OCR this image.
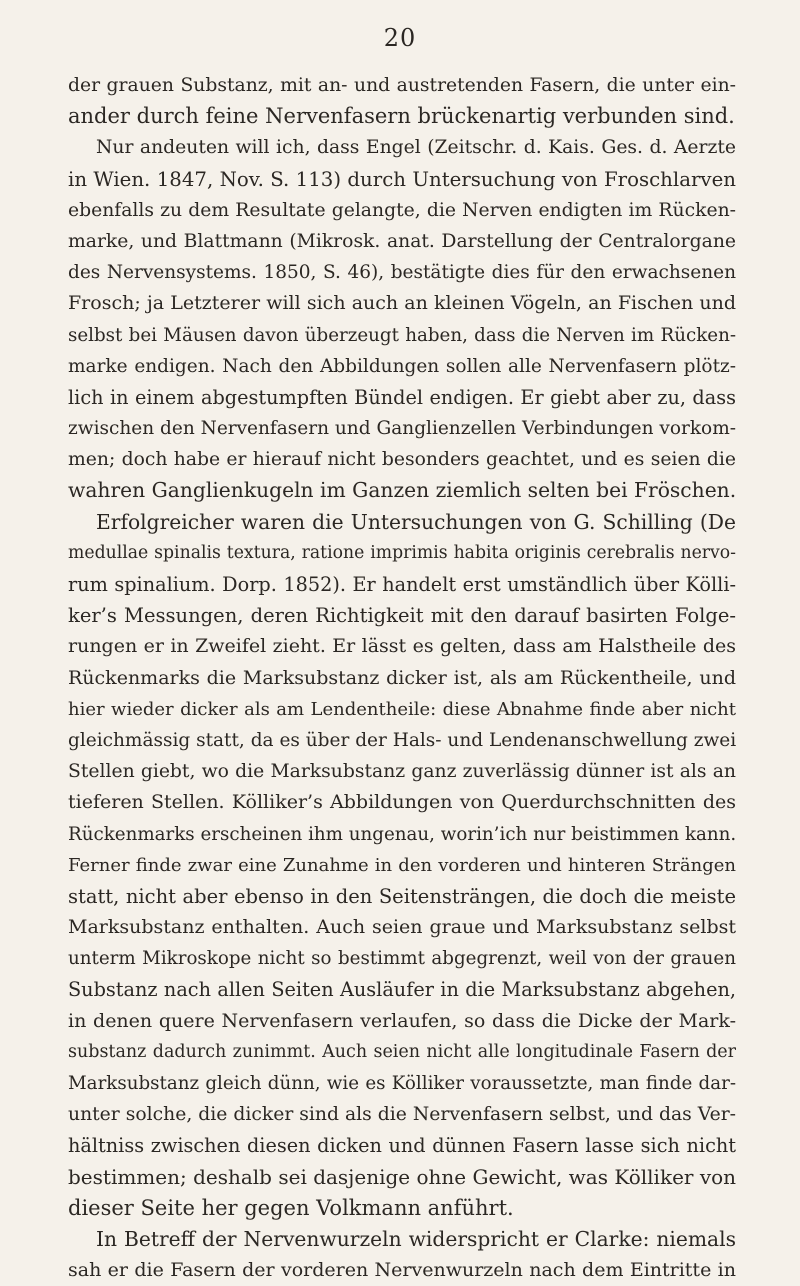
20
der grauen Substanz, mit an- und austretenden Fasern, die unter ein-
ander durch feine Nervenfasern brückenartig verbunden sind.
Nur andeuten will ich, dass Engel (Zeitschr. d. Kais. Ges. d. Aerzte
in Wien. 1847, Nov. S. 113) durch Untersuchung von Froschlarven
ebenfalls zu dem Resultate gelangte, die Nerven endigten im Rücken-
marke, und Blattmann (Mikrosk. anat. Darstellung der Centralorgane
des Nervensystems. 1850, S. 46), bestätigte dies für den erwachsenen
Frosch; ja Letzterer will sich auch an kleinen Vögeln, an Fischen und
selbst bei Mäusen davon überzeugt haben, dass die Nerven im Rücken-
marke endigen. Nach den Abbildungen sollen alle Nervenfasern plötz-
lich in einem abgestumpften Bündel endigen. Er giebt aber zu, dass
zwischen den Nervenfasern und Ganglienzellen Verbindungen vorkom-
men; doch habe er hierauf nicht besonders geachtet, und es seien die
wahren Ganglienkugeln im Ganzen ziemlich selten bei Fröschen.
Erfolgreicher waren die Untersuchungen von G. Schilling (De
medullae spinalis textura, ratione imprimis habita originis cerebralis nervo-
rum spinalium. Dorp. 1852). Er handelt erst umständlich über Kölli-
ker’s Messungen, deren Richtigkeit mit den darauf basirten Folge-
rungen er in Zweifel zieht. Er lässt es gelten, dass am Halstheile des
Rückenmarks die Marksubstanz dicker ist, als am Rückentheile, und
hier wieder dicker als am Lendentheile: diese Abnahme finde aber nicht
gleichmässig statt, da es über der Hals- und Lendenanschwellung zwei
Stellen giebt, wo die Marksubstanz ganz zuverlässig dünner ist als an
tieferen Stellen. Kölliker’s Abbildungen von Querdurchschnitten des
Rückenmarks erscheinen ihm ungenau, worin’ich nur beistimmen kann.
Ferner finde zwar eine Zunahme in den vorderen und hinteren Strängen
statt, nicht aber ebenso in den Seitensträngen, die doch die meiste
Marksubstanz enthalten. Auch seien graue und Marksubstanz selbst
unterm Mikroskope nicht so bestimmt abgegrenzt, weil von der grauen
Substanz nach allen Seiten Ausläufer in die Marksubstanz abgehen,
in denen quere Nervenfasern verlaufen, so dass die Dicke der Mark-
substanz dadurch zunimmt. Auch seien nicht alle longitudinale Fasern der
Marksubstanz gleich dünn, wie es Kölliker voraussetzte, man finde dar-
unter solche, die dicker sind als die Nervenfasern selbst, und das Ver-
hältniss zwischen diesen dicken und dünnen Fasern lasse sich nicht
bestimmen; deshalb sei dasjenige ohne Gewicht, was Kölliker von
dieser Seite her gegen Volkmann anführt.
In Betreff der Nervenwurzeln widerspricht er Clarke: niemals
sah er die Fasern der vorderen Nervenwurzeln nach dem Eintritte in
